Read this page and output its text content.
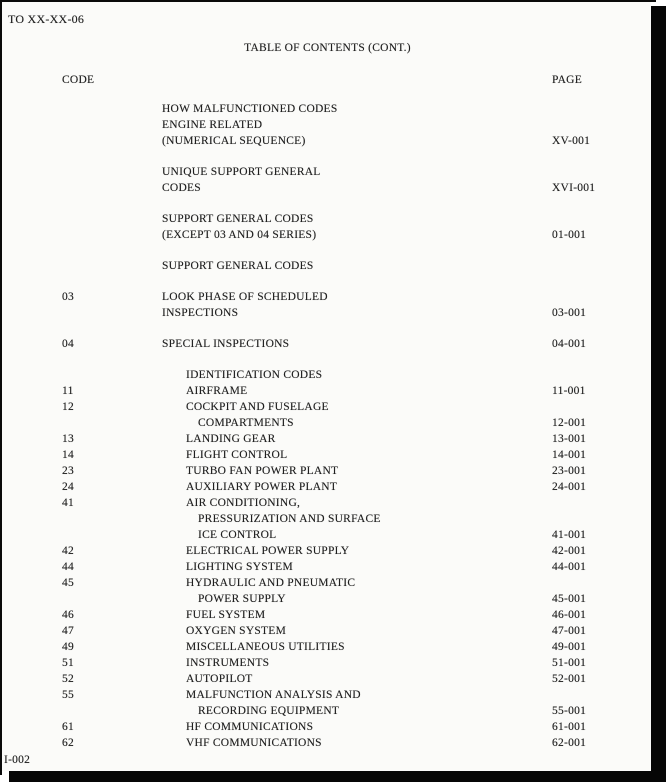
TO XX-XX-06
TABLE OF CONTENTS (CONT.)
CODE	PAGE
HOW MALFUNCTIONED CODES
ENGINE RELATED
(NUMERICAL SEQUENCE)	XV-001
UNIQUE SUPPORT GENERAL
CODES	XVI-001
SUPPORT GENERAL CODES
(EXCEPT 03 AND 04 SERIES)	01-001
SUPPORT GENERAL CODES
03	LOOK PHASE OF SCHEDULED
INSPECTIONS	03-001
04	SPECIAL INSPECTIONS	04-001
IDENTIFICATION CODES
11	AIRFRAME	11-001
12	COCKPIT AND FUSELAGE
COMPARTMENTS	12-001
13	LANDING GEAR	13-001
14	FLIGHT CONTROL	14-001
23	TURBO FAN POWER PLANT	23-001
24	AUXILIARY POWER PLANT	24-001
41	AIR CONDITIONING,
PRESSURIZATION AND SURFACE
ICE CONTROL	41-001
42	ELECTRICAL POWER SUPPLY	42-001
44	LIGHTING SYSTEM	44-001
45	HYDRAULIC AND PNEUMATIC
POWER SUPPLY	45-001
46	FUEL SYSTEM	46-001
47	OXYGEN SYSTEM	47-001
49	MISCELLANEOUS UTILITIES	49-001
51	INSTRUMENTS	51-001
52	AUTOPILOT	52-001
55	MALFUNCTION ANALYSIS AND
RECORDING EQUIPMENT	55-001
61	HF COMMUNICATIONS	61-001
62	VHF COMMUNICATIONS	62-001
I-002
